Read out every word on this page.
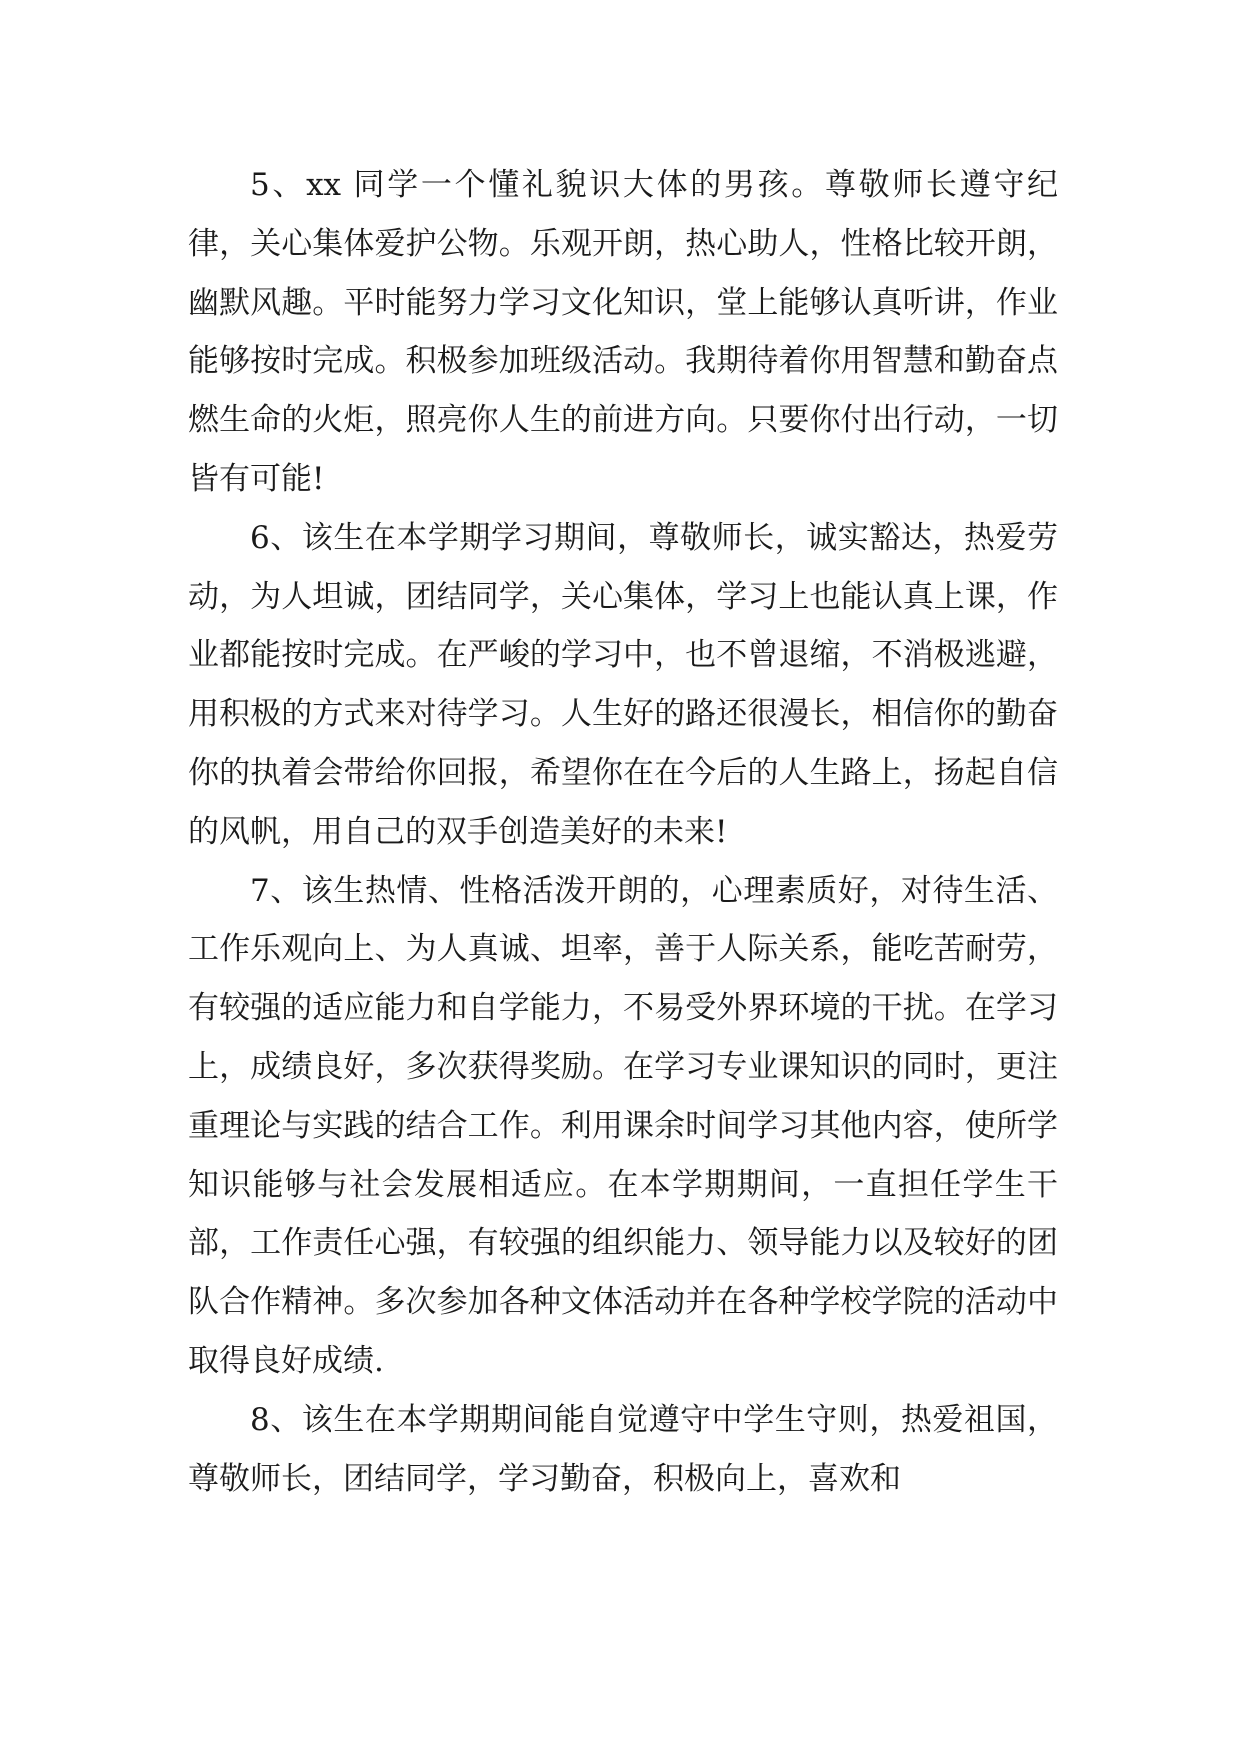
5、xx 同学一个懂礼貌识大体的男孩。尊敬师长遵守纪律，关心集体爱护公物。乐观开朗，热心助人，性格比较开朗，幽默风趣。平时能努力学习文化知识，堂上能够认真听讲，作业能够按时完成。积极参加班级活动。我期待着你用智慧和勤奋点燃生命的火炬，照亮你人生的前进方向。只要你付出行动，一切皆有可能!

6、该生在本学期学习期间，尊敬师长，诚实豁达，热爱劳动，为人坦诚，团结同学，关心集体，学习上也能认真上课，作业都能按时完成。在严峻的学习中，也不曾退缩，不消极逃避，用积极的方式来对待学习。人生好的路还很漫长，相信你的勤奋你的执着会带给你回报，希望你在在今后的人生路上，扬起自信的风帆，用自己的双手创造美好的未来!

7、该生热情、性格活泼开朗的，心理素质好，对待生活、工作乐观向上、为人真诚、坦率，善于人际关系，能吃苦耐劳，有较强的适应能力和自学能力，不易受外界环境的干扰。在学习上，成绩良好，多次获得奖励。在学习专业课知识的同时，更注重理论与实践的结合工作。利用课余时间学习其他内容，使所学知识能够与社会发展相适应。在本学期期间，一直担任学生干部，工作责任心强，有较强的组织能力、领导能力以及较好的团队合作精神。多次参加各种文体活动并在各种学校学院的活动中取得良好成绩.

8、该生在本学期期间能自觉遵守中学生守则，热爱祖国，尊敬师长，团结同学，学习勤奋，积极向上，喜欢和
